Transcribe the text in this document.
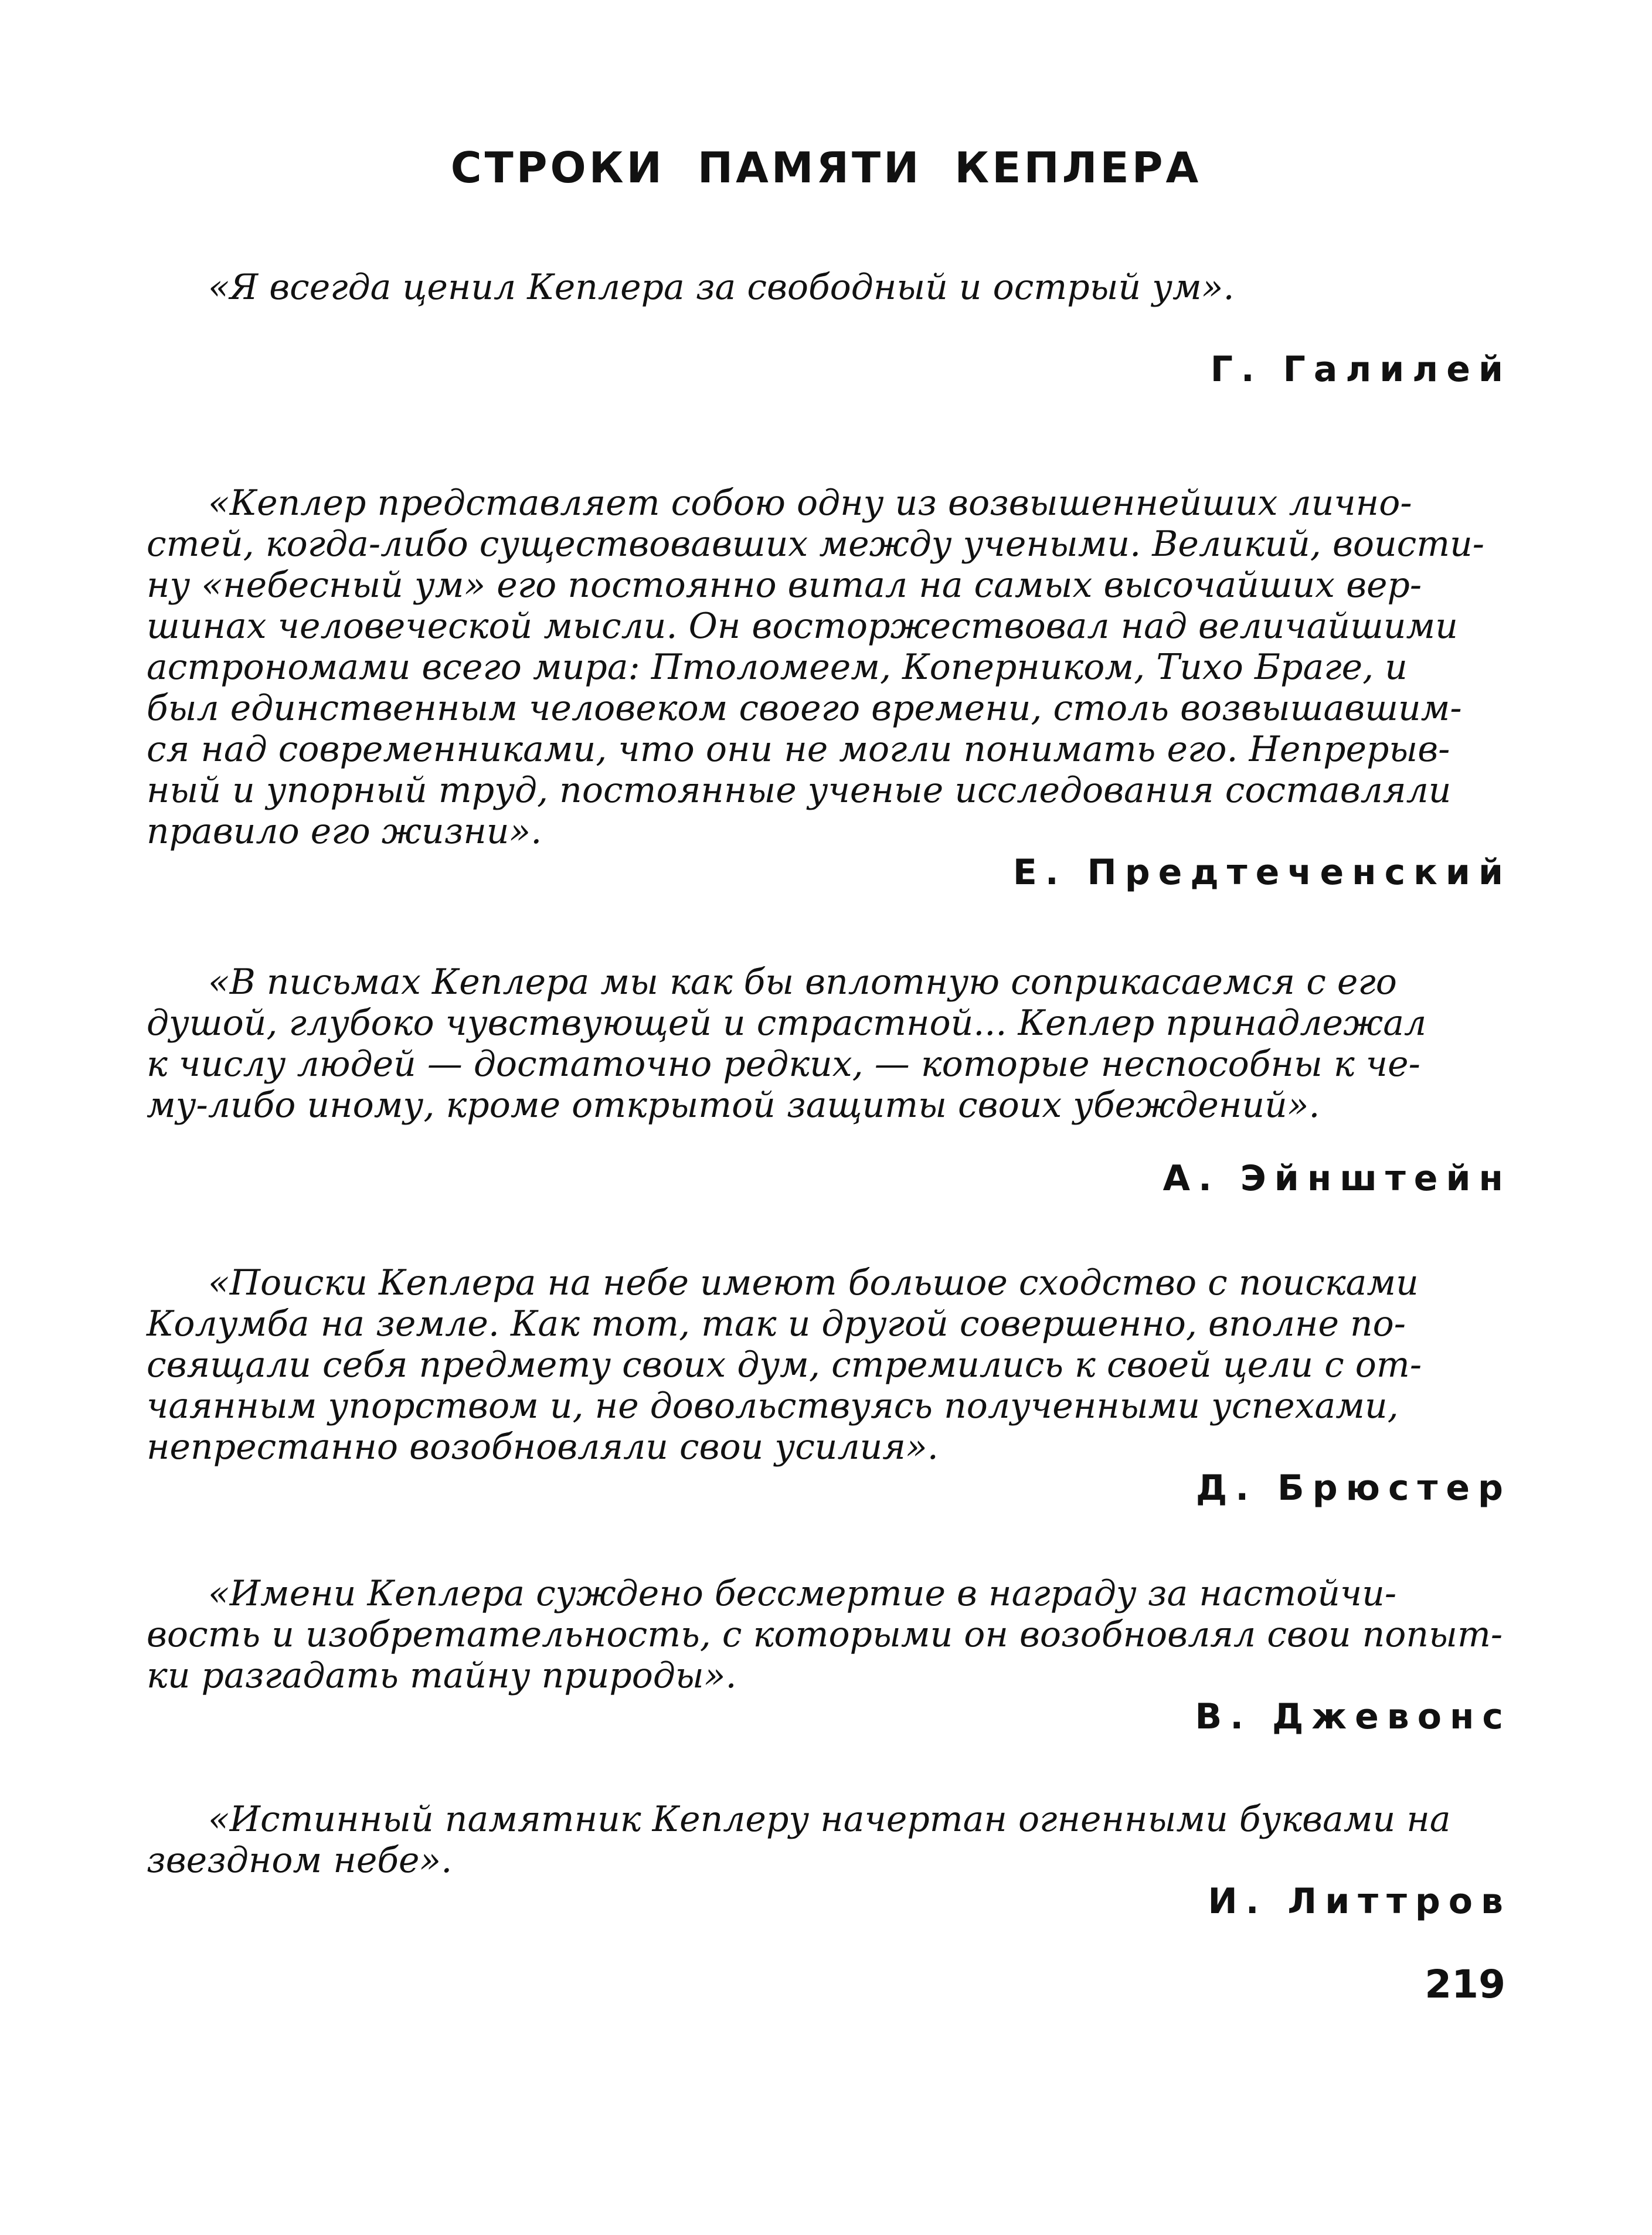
СТРОКИ ПАМЯТИ КЕПЛЕРА
«Я всегда ценил Кеплера за свободный и острый ум».
Г. Галилей
«Кеплер представляет собою одну из возвышеннейших лично-
стей, когда-либо существовавших между учеными. Великий, воисти-
ну «небесный ум» его постоянно витал на самых высочайших вер-
шинах человеческой мысли. Он восторжествовал над величайшими
астрономами всего мира: Птоломеем, Коперником, Тихо Браге, и
был единственным человеком своего времени, столь возвышавшим-
ся над современниками, что они не могли понимать его. Непрерыв-
ный и упорный труд, постоянные ученые исследования составляли
правило его жизни».
Е. Предтеченский
«В письмах Кеплера мы как бы вплотную соприкасаемся с его
душой, глубоко чувствующей и страстной... Кеплер принадлежал
к числу людей — достаточно редких, — которые неспособны к че-
му-либо иному, кроме открытой защиты своих убеждений».
А. Эйнштейн
«Поиски Кеплера на небе имеют большое сходство с поисками
Колумба на земле. Как тот, так и другой совершенно, вполне по-
свящали себя предмету своих дум, стремились к своей цели с от-
чаянным упорством и, не довольствуясь полученными успехами,
непрестанно возобновляли свои усилия».
Д. Брюстер
«Имени Кеплера суждено бессмертие в награду за настойчи-
вость и изобретательность, с которыми он возобновлял свои попыт-
ки разгадать тайну природы».
В. Джевонс
«Истинный памятник Кеплеру начертан огненными буквами на
звездном небе».
И. Литтров
219
